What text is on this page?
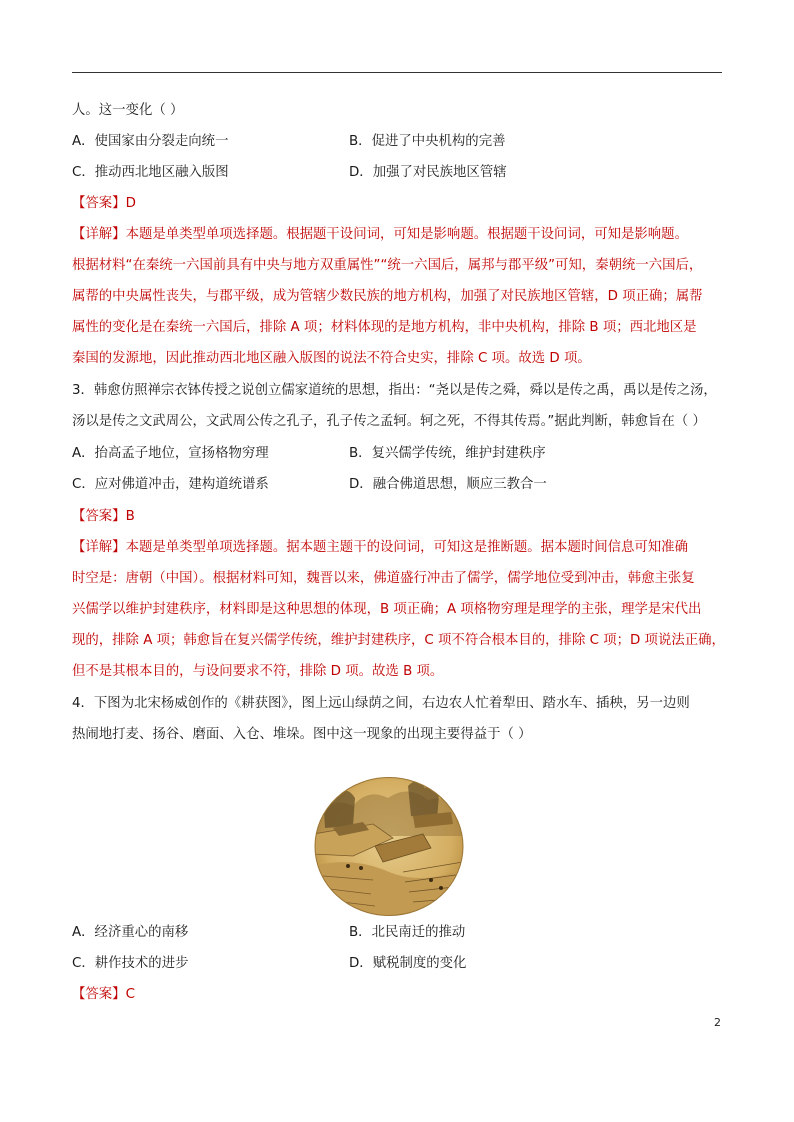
人。这一变化（ ）
A．使国家由分裂走向统一	B．促进了中央机构的完善
C．推动西北地区融入版图	D．加强了对民族地区管辖
【答案】D
【详解】本题是单类型单项选择题。根据题干设问词，可知是影响题。根据题干设问词，可知是影响题。
根据材料“在秦统一六国前具有中央与地方双重属性”“统一六国后，属邦与郡平级”可知，秦朝统一六国后，
属帮的中央属性丧失，与郡平级，成为管辖少数民族的地方机构，加强了对民族地区管辖，D 项正确；属帮
属性的变化是在秦统一六国后，排除 A 项；材料体现的是地方机构，非中央机构，排除 B 项；西北地区是
秦国的发源地，因此推动西北地区融入版图的说法不符合史实，排除 C 项。故选 D 项。
3．韩愈仿照禅宗衣钵传授之说创立儒家道统的思想，指出：“尧以是传之舜，舜以是传之禹，禹以是传之汤，
汤以是传之文武周公，文武周公传之孔子，孔子传之孟轲。轲之死，不得其传焉。”据此判断，韩愈旨在（ ）
A．抬高孟子地位，宣扬格物穷理	B．复兴儒学传统，维护封建秩序
C．应对佛道冲击，建构道统谱系	D．融合佛道思想，顺应三教合一
【答案】B
【详解】本题是单类型单项选择题。据本题主题干的设问词，可知这是推断题。据本题时间信息可知准确
时空是：唐朝（中国）。根据材料可知，魏晋以来，佛道盛行冲击了儒学，儒学地位受到冲击，韩愈主张复
兴儒学以维护封建秩序，材料即是这种思想的体现，B 项正确；A 项格物穷理是理学的主张，理学是宋代出
现的，排除 A 项；韩愈旨在复兴儒学传统，维护封建秩序，C 项不符合根本目的，排除 C 项；D 项说法正确，
但不是其根本目的，与设问要求不符，排除 D 项。故选 B 项。
4．下图为北宋杨威创作的《耕获图》，图上远山绿荫之间，右边农人忙着犁田、踏水车、插秧，另一边则
热闹地打麦、扬谷、磨面、入仓、堆垛。图中这一现象的出现主要得益于（ ）
A．经济重心的南移	B．北民南迁的推动
C．耕作技术的进步	D．赋税制度的变化
【答案】C
2
